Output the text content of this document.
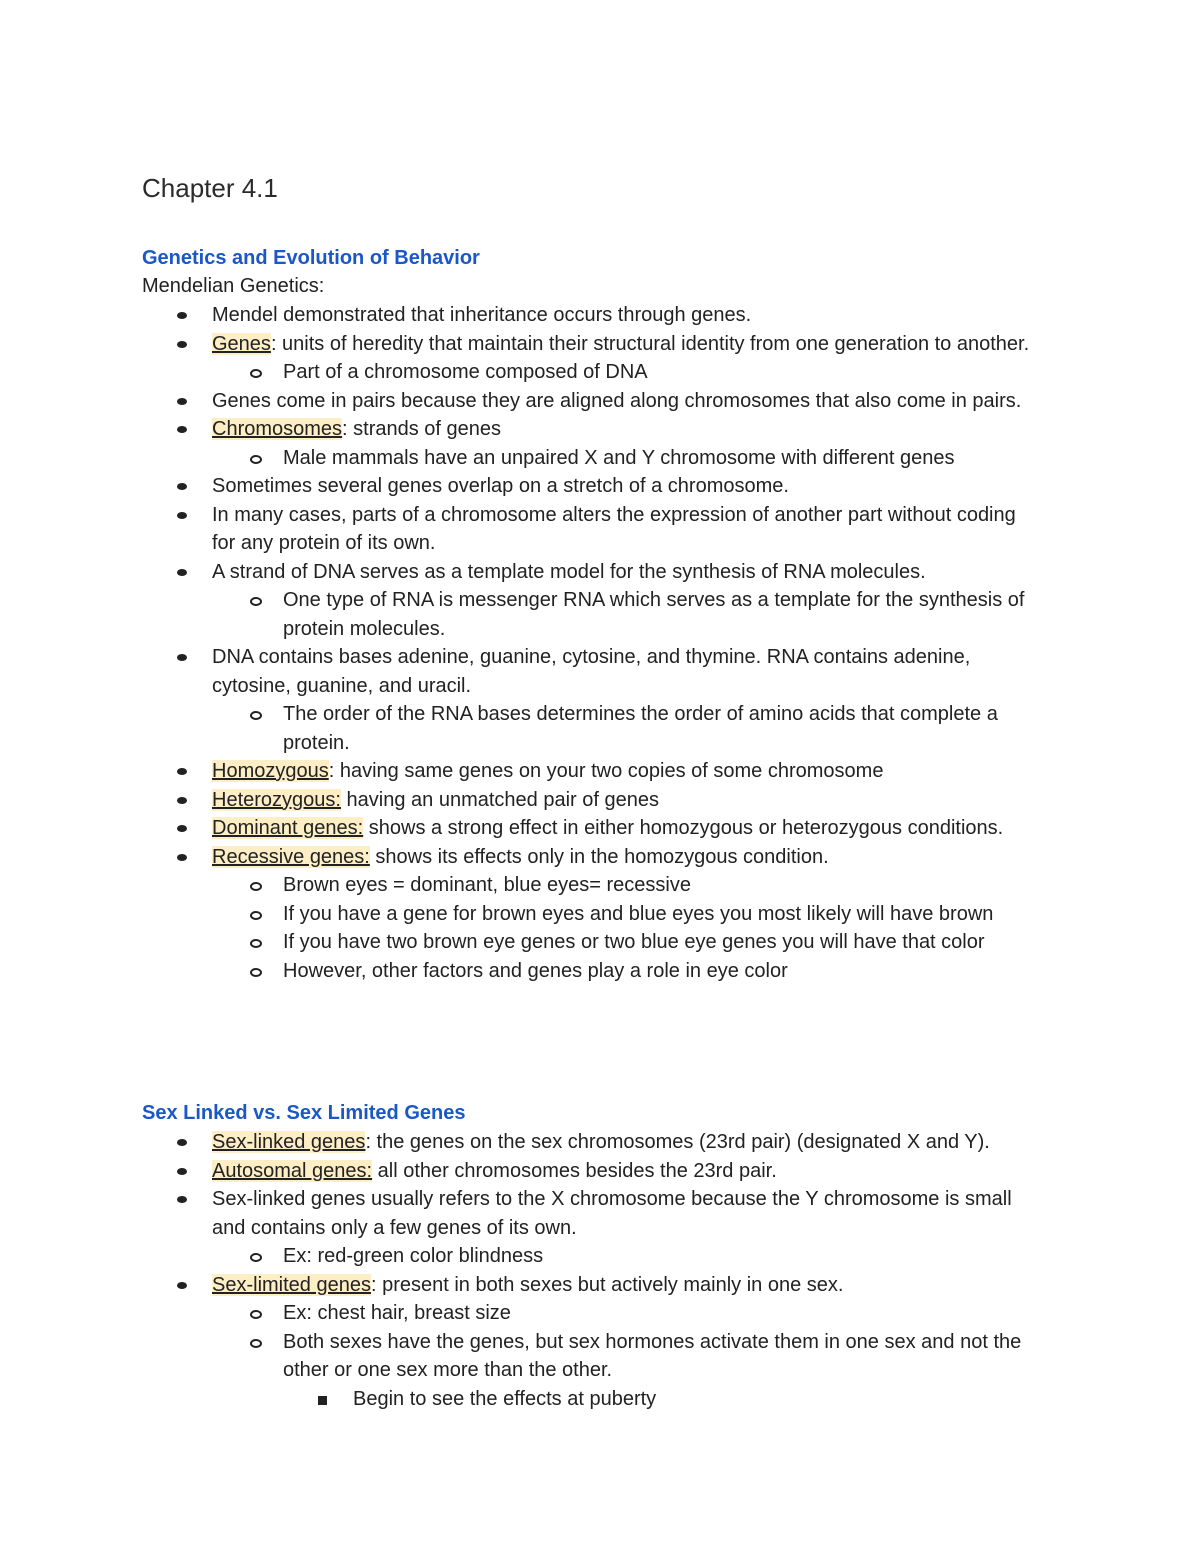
Chapter 4.1
Genetics and Evolution of Behavior

Mendelian Genetics:

Mendel demonstrated that inheritance occurs through genes.
Genes: units of heredity that maintain their structural identity from one generation to another.
Part of a chromosome composed of DNA
Genes come in pairs because they are aligned along chromosomes that also come in pairs.
Chromosomes: strands of genes
Male mammals have an unpaired X and Y chromosome with different genes
Sometimes several genes overlap on a stretch of a chromosome.
In many cases, parts of a chromosome alters the expression of another part without coding for any protein of its own.
A strand of DNA serves as a template model for the synthesis of RNA molecules.
One type of RNA is messenger RNA which serves as a template for the synthesis of protein molecules.
DNA contains bases adenine, guanine, cytosine, and thymine. RNA contains adenine, cytosine, guanine, and uracil.
The order of the RNA bases determines the order of amino acids that complete a protein.
Homozygous: having same genes on your two copies of some chromosome
Heterozygous: having an unmatched pair of genes
Dominant genes: shows a strong effect in either homozygous or heterozygous conditions.
Recessive genes: shows its effects only in the homozygous condition.
Brown eyes = dominant, blue eyes= recessive
If you have a gene for brown eyes and blue eyes you most likely will have brown
If you have two brown eye genes or two blue eye genes you will have that color
However, other factors and genes play a role in eye color
Sex Linked vs. Sex Limited Genes
Sex-linked genes: the genes on the sex chromosomes (23rd pair) (designated X and Y).
Autosomal genes: all other chromosomes besides the 23rd pair.
Sex-linked genes usually refers to the X chromosome because the Y chromosome is small and contains only a few genes of its own.
Ex: red-green color blindness
Sex-limited genes: present in both sexes but actively mainly in one sex.
Ex: chest hair, breast size
Both sexes have the genes, but sex hormones activate them in one sex and not the other or one sex more than the other.
Begin to see the effects at puberty
